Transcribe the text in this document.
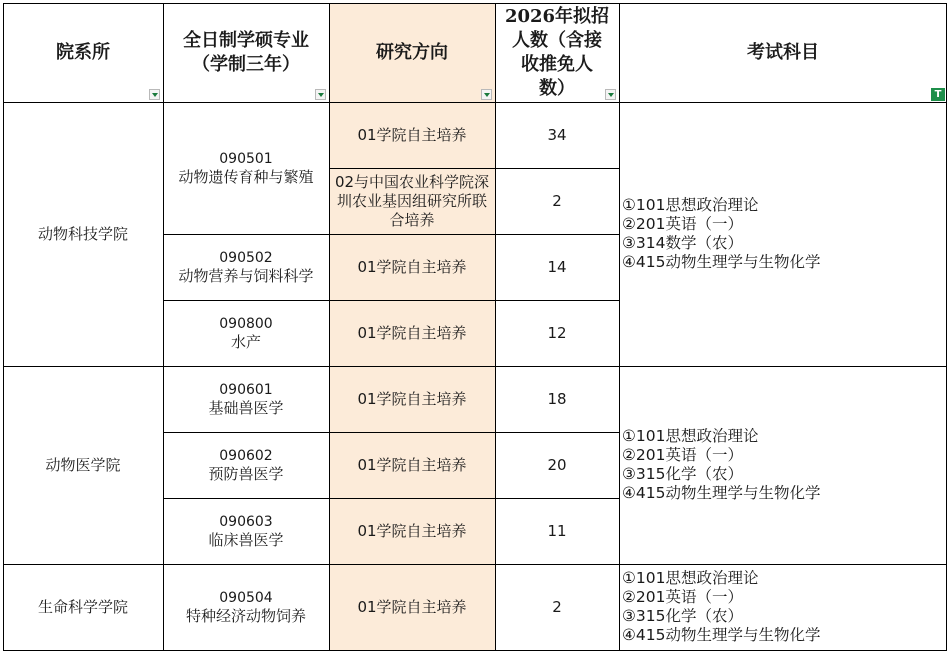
院系所
全日制学硕专业
（学制三年）
研究方向
2026年拟招
人数（含接
收推免人
数）
考试科目
T
动物科技学院
动物医学院
生命科学学院
090501
动物遗传育种与繁殖
090502
动物营养与饲料科学
090800
水产
090601
基础兽医学
090602
预防兽医学
090603
临床兽医学
090504
特种经济动物饲养
01学院自主培养
02与中国农业科学院深圳农业基因组研究所联合培养
01学院自主培养
01学院自主培养
01学院自主培养
01学院自主培养
01学院自主培养
01学院自主培养
34
2
14
12
18
20
11
2
①101思想政治理论
②201英语（一）
③314数学（农）
④415动物生理学与生物化学
①101思想政治理论
②201英语（一）
③315化学（农）
④415动物生理学与生物化学
①101思想政治理论
②201英语（一）
③315化学（农）
④415动物生理学与生物化学
